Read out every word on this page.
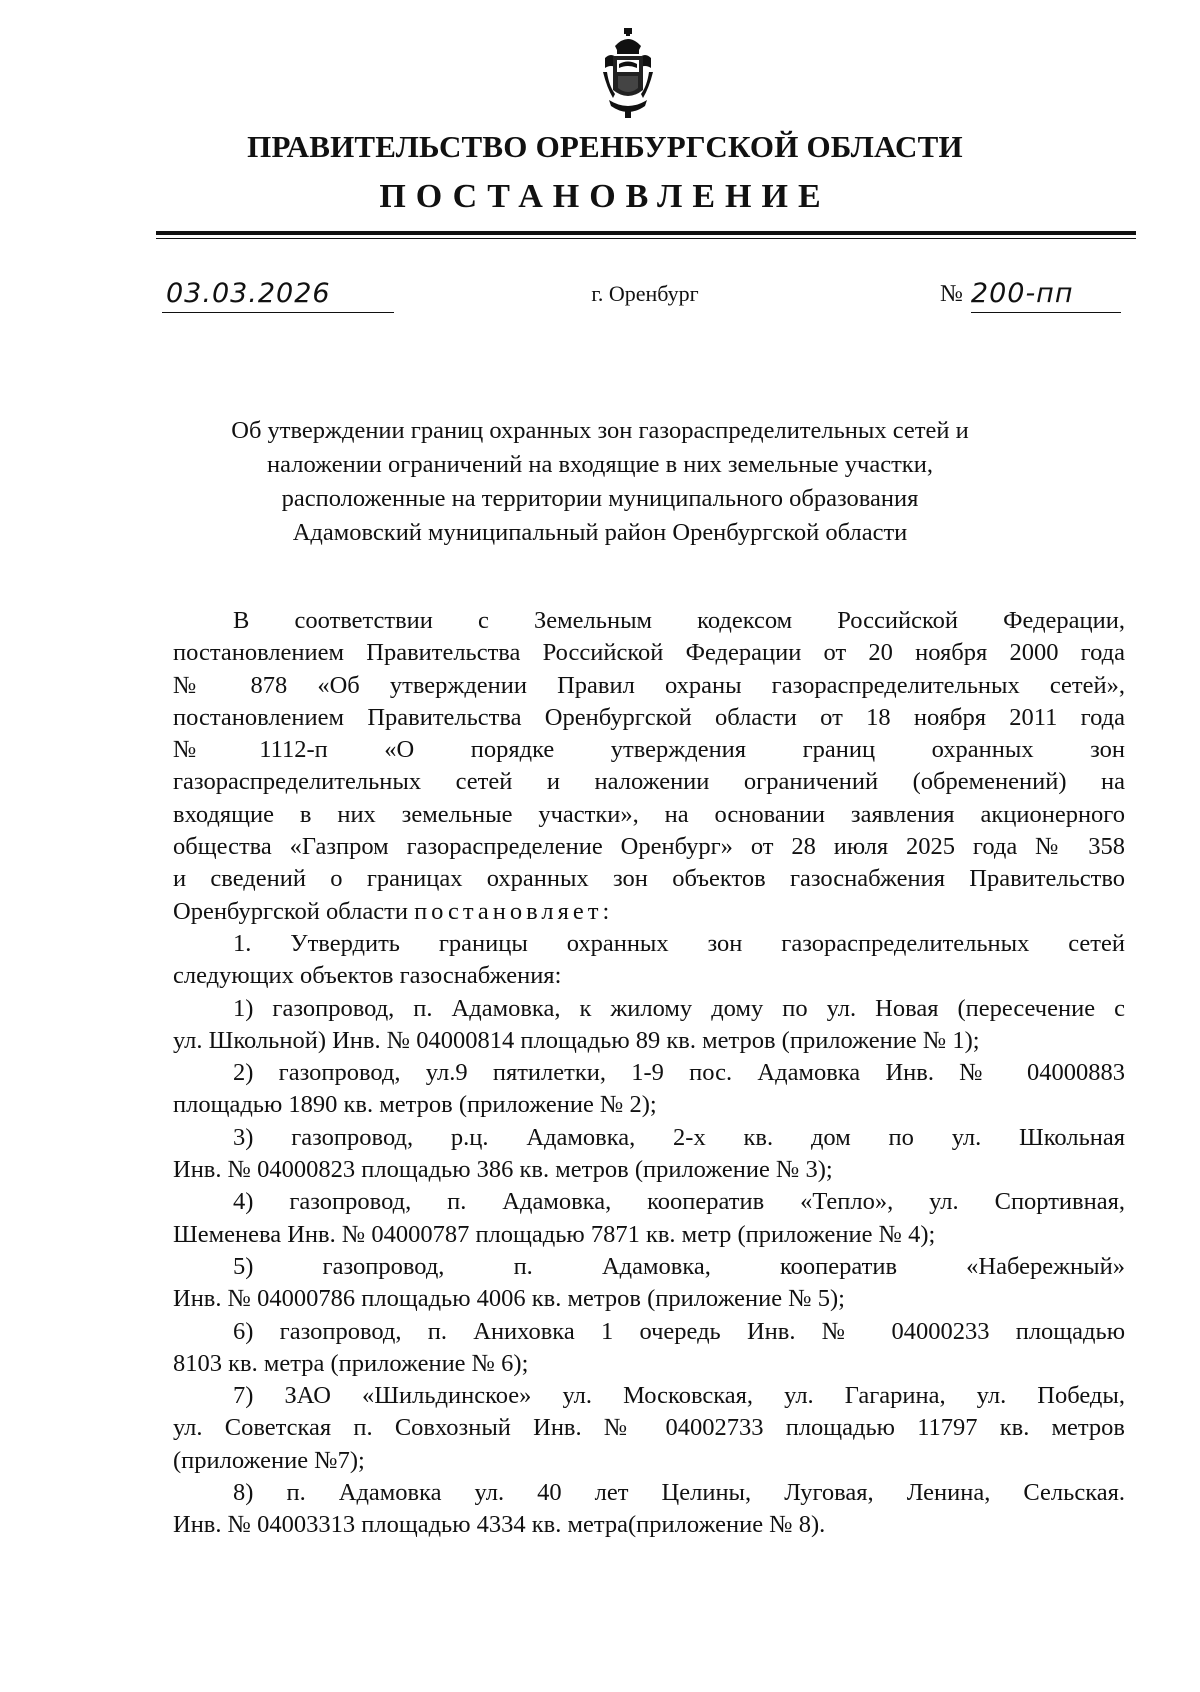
ПРАВИТЕЛЬСТВО ОРЕНБУРГСКОЙ ОБЛАСТИ
ПОСТАНОВЛЕНИЕ
03.03.2026	г. Оренбург	№ 200-пп
Об утверждении границ охранных зон газораспределительных сетей и
наложении ограничений на входящие в них земельные участки,
расположенные на территории муниципального образования
Адамовский муниципальный район Оренбургской области

В соответствии с Земельным кодексом Российской Федерации,
постановлением Правительства Российской Федерации от 20 ноября 2000 года
№ 878 «Об утверждении Правил охраны газораспределительных сетей»,
постановлением Правительства Оренбургской области от 18 ноября 2011 года
№ 1112-п «О порядке утверждения границ охранных зон
газораспределительных сетей и наложении ограничений (обременений) на
входящие в них земельные участки», на основании заявления акционерного
общества «Газпром газораспределение Оренбург» от 28 июля 2025 года № 358
и сведений о границах охранных зон объектов газоснабжения Правительство
Оренбургской области постановляет:

1. Утвердить границы охранных зон газораспределительных сетей
следующих объектов газоснабжения:

1) газопровод, п. Адамовка, к жилому дому по ул. Новая (пересечение с
ул. Школьной) Инв. № 04000814 площадью 89 кв. метров (приложение № 1);

2) газопровод, ул.9 пятилетки, 1-9 пос. Адамовка Инв. № 04000883
площадью 1890 кв. метров (приложение № 2);

3) газопровод, р.ц. Адамовка, 2-х кв. дом по ул. Школьная
Инв. № 04000823 площадью 386 кв. метров (приложение № 3);

4) газопровод, п. Адамовка, кооператив «Тепло», ул. Спортивная,
Шеменева Инв. № 04000787 площадью 7871 кв. метр (приложение № 4);

5) газопровод, п. Адамовка, кооператив «Набережный»
Инв. № 04000786 площадью 4006 кв. метров (приложение № 5);

6) газопровод, п. Аниховка 1 очередь Инв. № 04000233 площадью
8103 кв. метра (приложение № 6);

7) ЗАО «Шильдинское» ул. Московская, ул. Гагарина, ул. Победы,
ул. Советская п. Совхозный Инв. № 04002733 площадью 11797 кв. метров
(приложение №7);

8) п. Адамовка ул. 40 лет Целины, Луговая, Ленина, Сельская.
Инв. № 04003313 площадью 4334 кв. метра(приложение № 8).
